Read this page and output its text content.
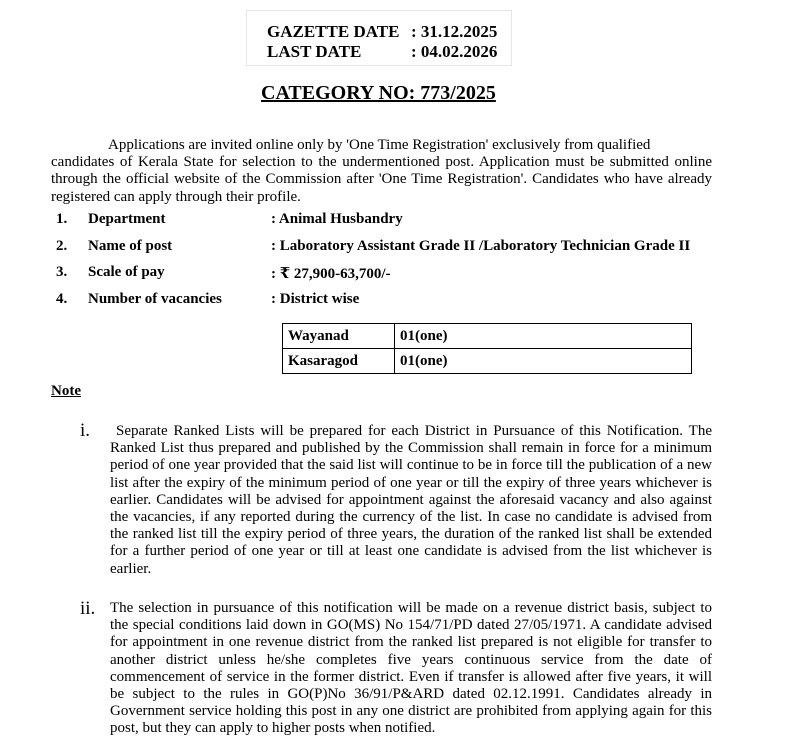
GAZETTE DATE : 31.12.2025
LAST DATE	: 04.02.2026
CATEGORY NO: 773/2025

Applications are invited online only by 'One Time Registration' exclusively from qualified
candidates of Kerala State for selection to the undermentioned post. Application must be submitted online through the official website of the Commission after 'One Time Registration'. Candidates who have already registered can apply through their profile.

1. Department	: Animal Husbandry
2. Name of post	: Laboratory Assistant Grade II /Laboratory Technician Grade II
3. Scale of pay	: ₹ 27,900-63,700/-
4. Number of vacancies	: District wise
Wayanad	01(one)
Kasaragod	01(one)
Note
i.	Separate Ranked Lists will be prepared for each District in Pursuance of this Notification. The Ranked List thus prepared and published by the Commission shall remain in force for a minimum period of one year provided that the said list will continue to be in force till the publication of a new list after the expiry of the minimum period of one year or till the expiry of three years whichever is earlier. Candidates will be advised for appointment against the aforesaid vacancy and also against the vacancies, if any reported during the currency of the list. In case no candidate is advised from the ranked list till the expiry period of three years, the duration of the ranked list shall be extended for a further period of one year or till at least one candidate is advised from the list whichever is earlier.

ii. The selection in pursuance of this notification will be made on a revenue district basis, subject to the special conditions laid down in GO(MS) No 154/71/PD dated 27/05/1971. A candidate advised for appointment in one revenue district from the ranked list prepared is not eligible for transfer to another district unless he/she completes five years continuous service from the date of commencement of service in the former district. Even if transfer is allowed after five years, it will be subject to the rules in GO(P)No 36/91/P&ARD dated 02.12.1991. Candidates already in Government service holding this post in any one district are prohibited from applying again for this post, but they can apply to higher posts when notified.
